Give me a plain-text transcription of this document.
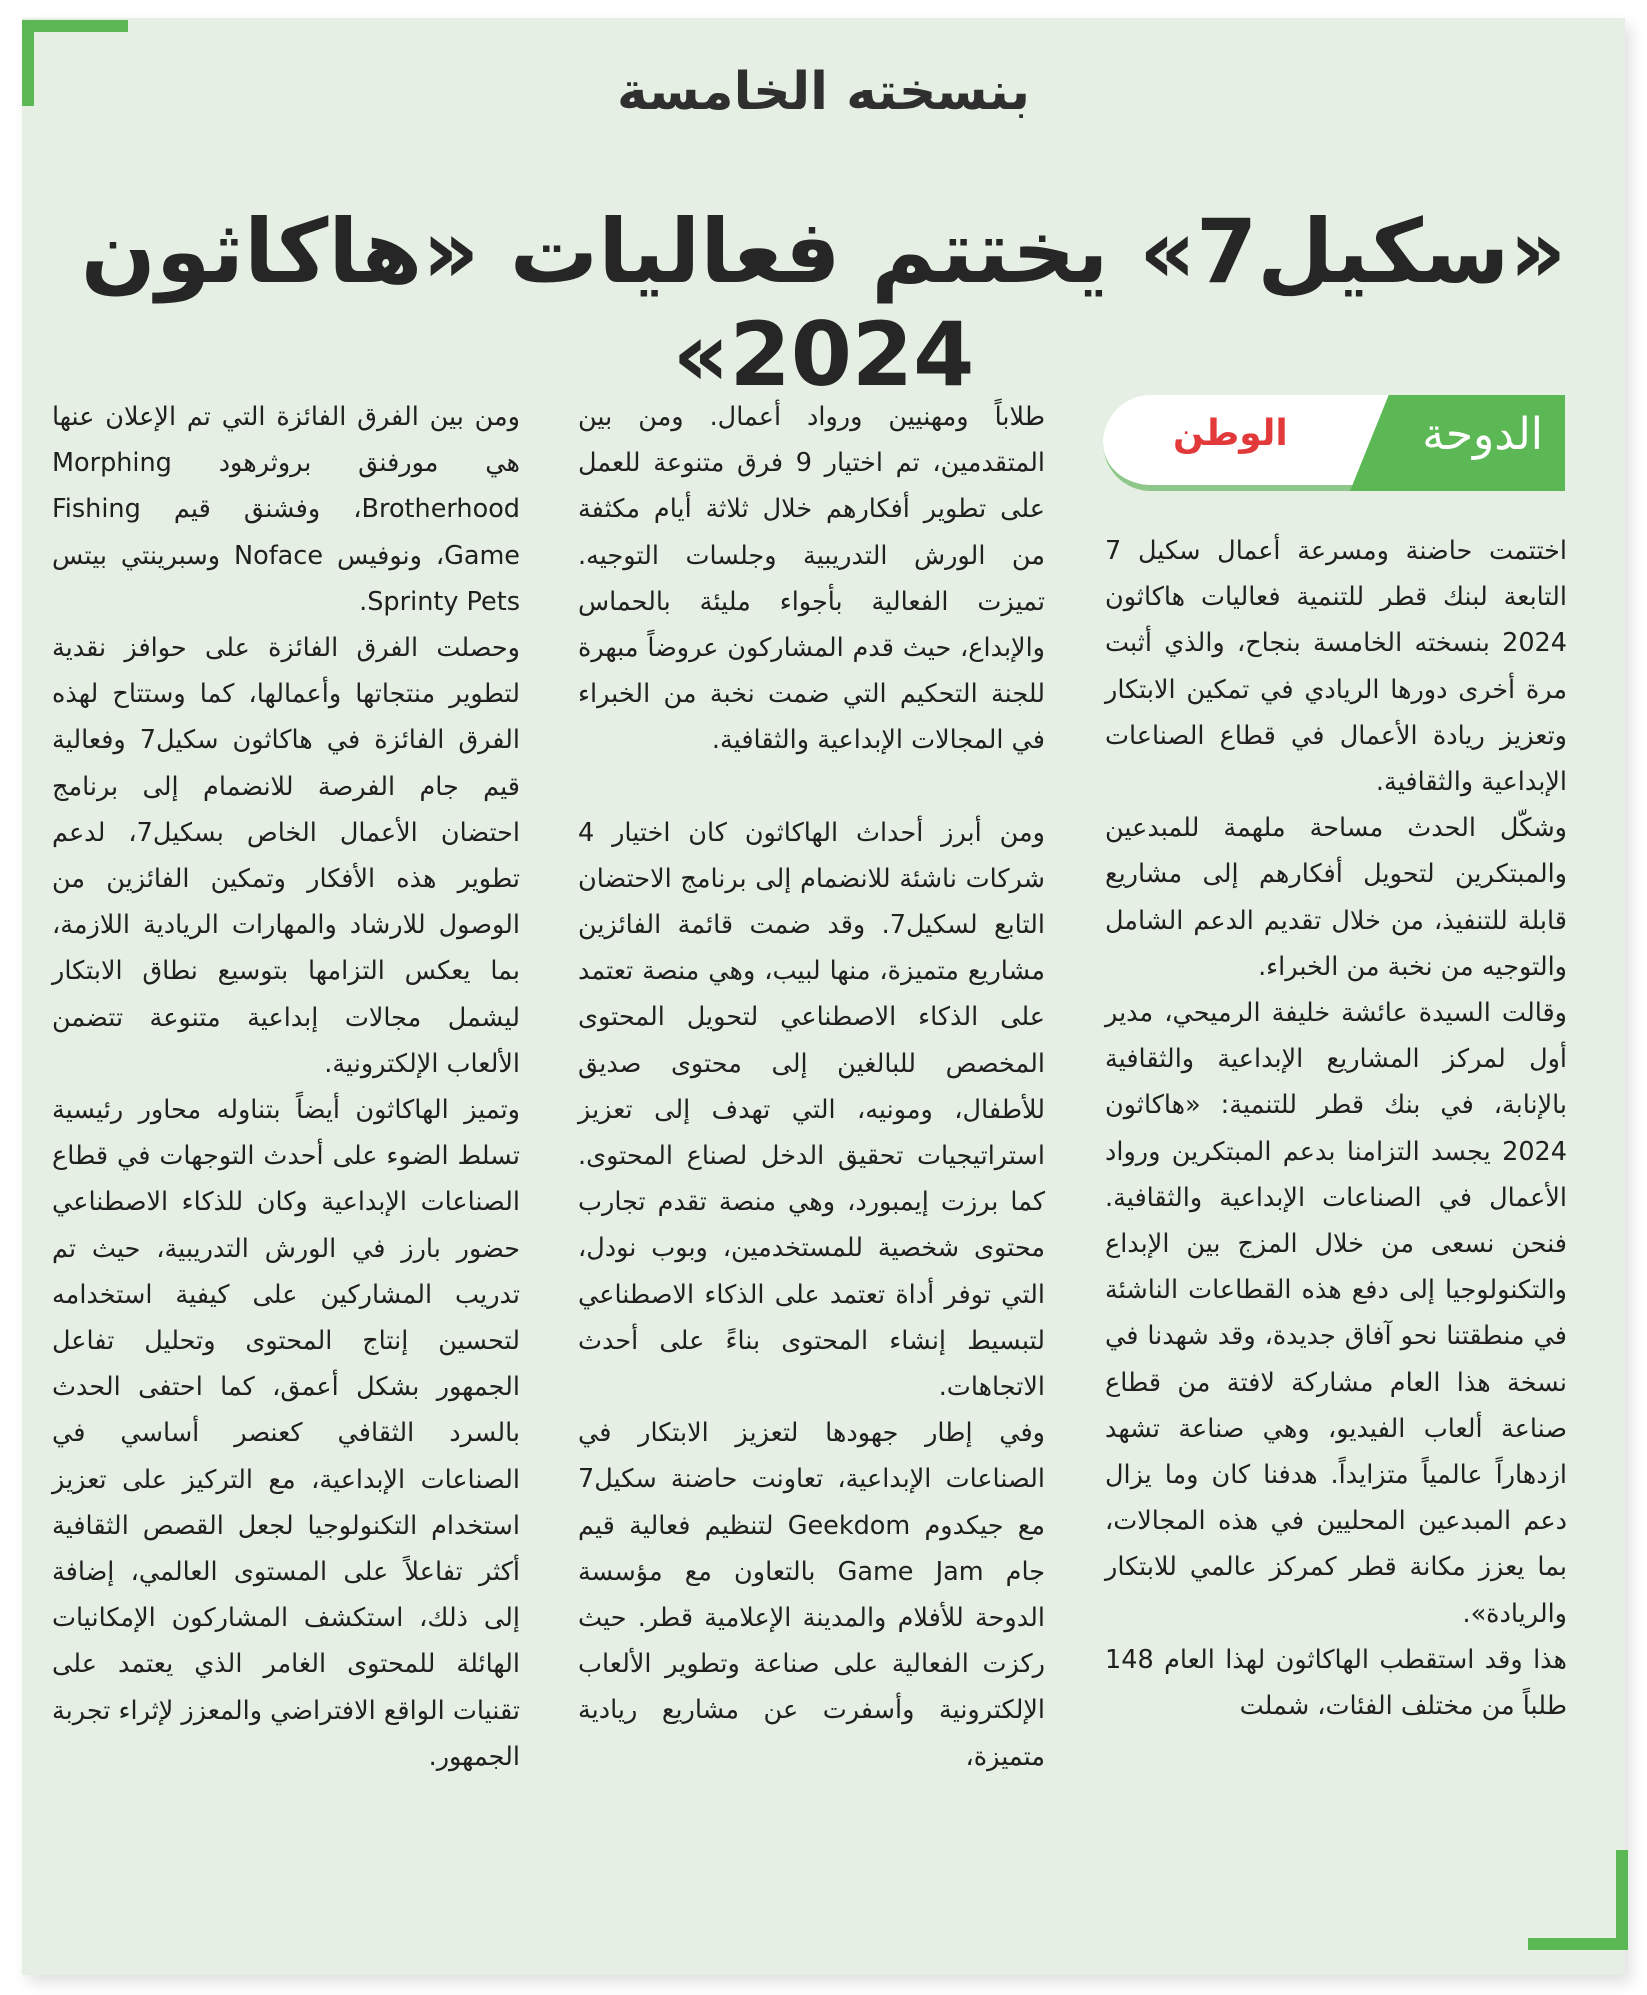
بنسخته الخامسة
«سكيل7» يختتم فعاليات «هاكاثون 2024»
الدوحة
الوطن

اختتمت حاضنة ومسرعة أعمال سكيل 7 التابعة لبنك قطر للتنمية فعاليات هاكاثون 2024 بنسخته الخامسة بنجاح، والذي أثبت مرة أخرى دورها الريادي في تمكين الابتكار وتعزيز ريادة الأعمال في قطاع الصناعات الإبداعية والثقافية.

وشكّل الحدث مساحة ملهمة للمبدعين والمبتكرين لتحويل أفكارهم إلى مشاريع قابلة للتنفيذ، من خلال تقديم الدعم الشامل والتوجيه من نخبة من الخبراء.

وقالت السيدة عائشة خليفة الرميحي، مدير أول لمركز المشاريع الإبداعية والثقافية بالإنابة، في بنك قطر للتنمية: «هاكاثون 2024 يجسد التزامنا بدعم المبتكرين ورواد الأعمال في الصناعات الإبداعية والثقافية. فنحن نسعى من خلال المزج بين الإبداع والتكنولوجيا إلى دفع هذه القطاعات الناشئة في منطقتنا نحو آفاق جديدة، وقد شهدنا في نسخة هذا العام مشاركة لافتة من قطاع صناعة ألعاب الفيديو، وهي صناعة تشهد ازدهاراً عالمياً متزايداً. هدفنا كان وما يزال دعم المبدعين المحليين في هذه المجالات، بما يعزز مكانة قطر كمركز عالمي للابتكار والريادة».

هذا وقد استقطب الهاكاثون لهذا العام 148 طلباً من مختلف الفئات، شملت

طلاباً ومهنيين ورواد أعمال. ومن بين المتقدمين، تم اختيار 9 فرق متنوعة للعمل على تطوير أفكارهم خلال ثلاثة أيام مكثفة من الورش التدريبية وجلسات التوجيه. تميزت الفعالية بأجواء مليئة بالحماس والإبداع، حيث قدم المشاركون عروضاً مبهرة للجنة التحكيم التي ضمت نخبة من الخبراء في المجالات الإبداعية والثقافية.

ومن أبرز أحداث الهاكاثون كان اختيار 4 شركات ناشئة للانضمام إلى برنامج الاحتضان التابع لسكيل7. وقد ضمت قائمة الفائزين مشاريع متميزة، منها لبيب، وهي منصة تعتمد على الذكاء الاصطناعي لتحويل المحتوى المخصص للبالغين إلى محتوى صديق للأطفال، ومونيه، التي تهدف إلى تعزيز استراتيجيات تحقيق الدخل لصناع المحتوى. كما برزت إيمبورد، وهي منصة تقدم تجارب محتوى شخصية للمستخدمين، وبوب نودل، التي توفر أداة تعتمد على الذكاء الاصطناعي لتبسيط إنشاء المحتوى بناءً على أحدث الاتجاهات.

وفي إطار جهودها لتعزيز الابتكار في الصناعات الإبداعية، تعاونت حاضنة سكيل7 مع جيكدوم Geekdom لتنظيم فعالية قيم جام Game Jam بالتعاون مع مؤسسة الدوحة للأفلام والمدينة الإعلامية قطر. حيث ركزت الفعالية على صناعة وتطوير الألعاب الإلكترونية وأسفرت عن مشاريع ريادية متميزة،

ومن بين الفرق الفائزة التي تم الإعلان عنها هي مورفنق بروثرهود Morphing Brotherhood، وفشنق قيم Fishing Game، ونوفيس Noface وسبرينتي بيتس Sprinty Pets.

وحصلت الفرق الفائزة على حوافز نقدية لتطوير منتجاتها وأعمالها، كما وستتاح لهذه الفرق الفائزة في هاكاثون سكيل7 وفعالية قيم جام الفرصة للانضمام إلى برنامج احتضان الأعمال الخاص بسكيل7، لدعم تطوير هذه الأفكار وتمكين الفائزين من الوصول للارشاد والمهارات الريادية اللازمة، بما يعكس التزامها بتوسيع نطاق الابتكار ليشمل مجالات إبداعية متنوعة تتضمن الألعاب الإلكترونية.

وتميز الهاكاثون أيضاً بتناوله محاور رئيسية تسلط الضوء على أحدث التوجهات في قطاع الصناعات الإبداعية وكان للذكاء الاصطناعي حضور بارز في الورش التدريبية، حيث تم تدريب المشاركين على كيفية استخدامه لتحسين إنتاج المحتوى وتحليل تفاعل الجمهور بشكل أعمق، كما احتفى الحدث بالسرد الثقافي كعنصر أساسي في الصناعات الإبداعية، مع التركيز على تعزيز استخدام التكنولوجيا لجعل القصص الثقافية أكثر تفاعلاً على المستوى العالمي، إضافة إلى ذلك، استكشف المشاركون الإمكانيات الهائلة للمحتوى الغامر الذي يعتمد على تقنيات الواقع الافتراضي والمعزز لإثراء تجربة الجمهور.
